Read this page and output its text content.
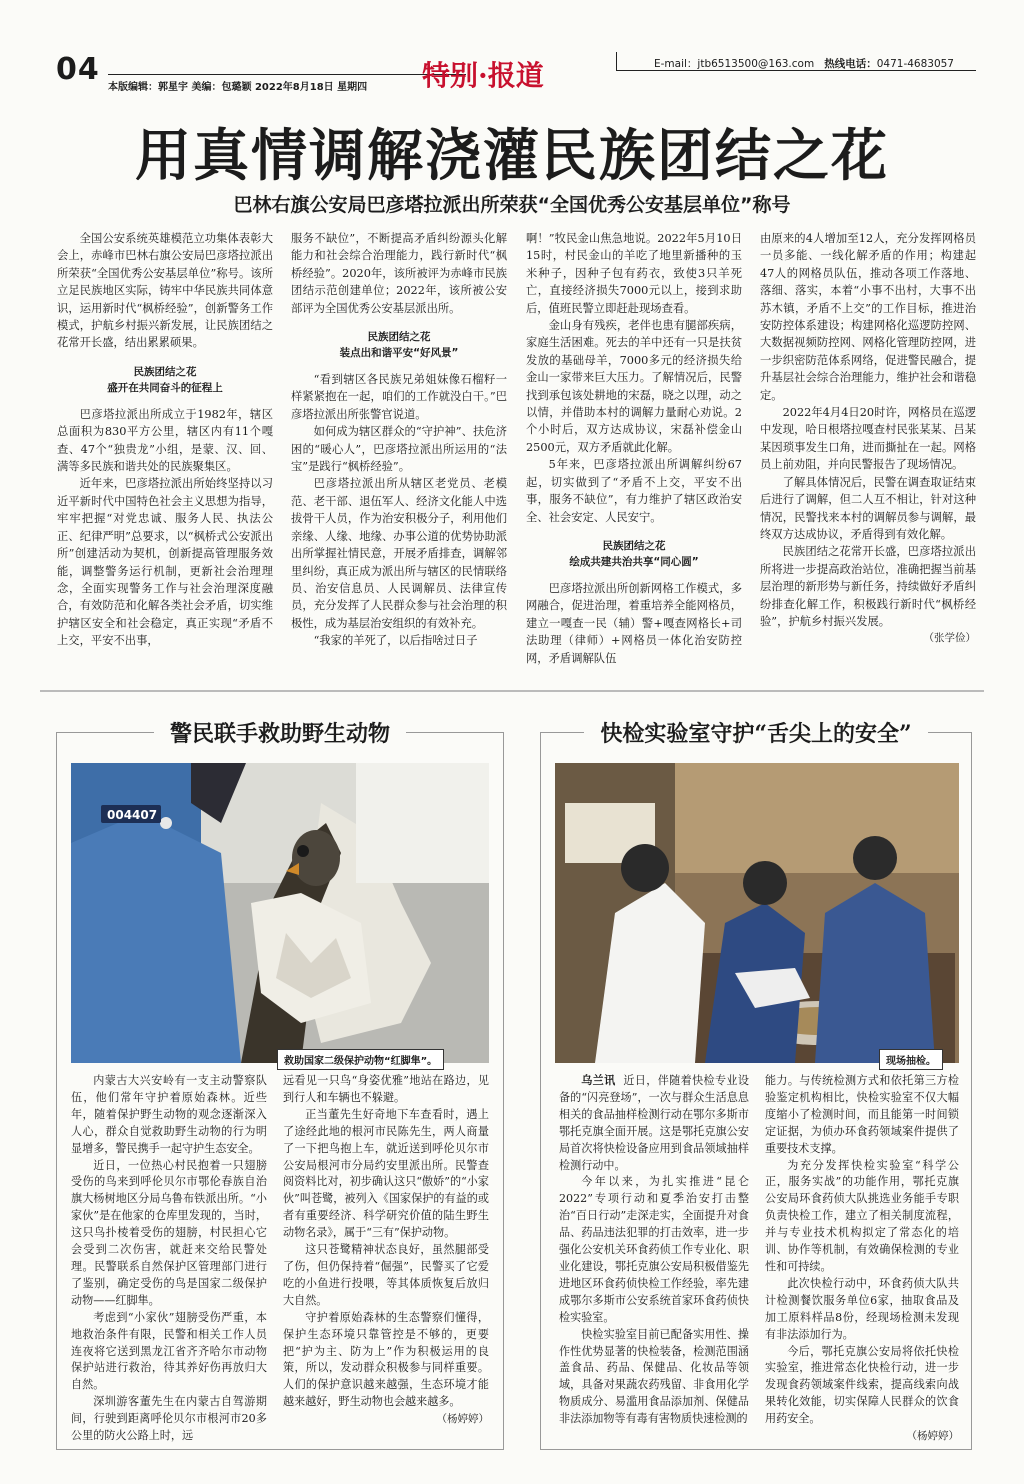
04
本版编辑：郭星宇 美编：包璐颖 2022年8月18日 星期四 特别·报道	E-mail：jtb6513500@163.com 热线电话：0471-4683057
用真情调解浇灌民族团结之花
巴林右旗公安局巴彦塔拉派出所荣获“全国优秀公安基层单位”称号

全国公安系统英雄模范立功集体表彰大会上，赤峰市巴林右旗公安局巴彦塔拉派出所荣获“全国优秀公安基层单位”称号。该所立足民族地区实际，铸牢中华民族共同体意识，运用新时代“枫桥经验”，创新警务工作模式，护航乡村振兴新发展，让民族团结之花常开长盛，结出累累硕果。

民族团结之花
盛开在共同奋斗的征程上

巴彦塔拉派出所成立于1982年，辖区总面积为830平方公里，辖区内有11个嘎查、47个“独贵龙”小组，是蒙、汉、回、满等多民族和谐共处的民族聚集区。

近年来，巴彦塔拉派出所始终坚持以习近平新时代中国特色社会主义思想为指导，牢牢把握“对党忠诚、服务人民、执法公正、纪律严明”总要求，以“枫桥式公安派出所”创建活动为契机，创新提高管理服务效能，调整警务运行机制，更新社会治理理念，全面实现警务工作与社会治理深度融合，有效防范和化解各类社会矛盾，切实维护辖区安全和社会稳定，真正实现“矛盾不上交，平安不出事，

服务不缺位”，不断提高矛盾纠纷源头化解能力和社会综合治理能力，践行新时代“枫桥经验”。2020年，该所被评为赤峰市民族团结示范创建单位；2022年，该所被公安部评为全国优秀公安基层派出所。

民族团结之花
装点出和谐平安“好风景”

“看到辖区各民族兄弟姐妹像石榴籽一样紧紧抱在一起，咱们的工作就没白干。”巴彦塔拉派出所张警官说道。

如何成为辖区群众的“守护神”、扶危济困的“暖心人”，巴彦塔拉派出所运用的“法宝”是践行“枫桥经验”。

巴彦塔拉派出所从辖区老党员、老模范、老干部、退伍军人、经济文化能人中选拔骨干人员，作为治安积极分子，利用他们亲缘、人缘、地缘、办事公道的优势协助派出所掌握社情民意，开展矛盾排查，调解邻里纠纷，真正成为派出所与辖区的民情联络员、治安信息员、人民调解员、法律宣传员，充分发挥了人民群众参与社会治理的积极性，成为基层治安组织的有效补充。

“我家的羊死了，以后指啥过日子

啊！”牧民金山焦急地说。2022年5月10日15时，村民金山的羊吃了地里新播种的玉米种子，因种子包有药衣，致使3只羊死亡，直接经济损失7000元以上，接到求助后，值班民警立即赶赴现场查看。

金山身有残疾，老伴也患有腿部疾病，家庭生活困难。死去的羊中还有一只是扶贫发放的基础母羊，7000多元的经济损失给金山一家带来巨大压力。了解情况后，民警找到承包该处耕地的宋磊，晓之以理，动之以情，并借助本村的调解力量耐心劝说。2个小时后，双方达成协议，宋磊补偿金山2500元，双方矛盾就此化解。

5年来，巴彦塔拉派出所调解纠纷67起，切实做到了“矛盾不上交，平安不出事，服务不缺位”，有力维护了辖区政治安全、社会安定、人民安宁。

民族团结之花
绘成共建共治共享“同心圆”

巴彦塔拉派出所创新网格工作模式，多网融合，促进治理，着重培养全能网格员，建立一嘎查一民（辅）警+嘎查网格长+司法助理（律师）+网格员一体化治安防控网，矛盾调解队伍

由原来的4人增加至12人，充分发挥网格员一员多能、一线化解矛盾的作用；构建起47人的网格员队伍，推动各项工作落地、落细、落实，本着“小事不出村，大事不出苏木镇，矛盾不上交”的工作目标，推进治安防控体系建设；构建网格化巡逻防控网、大数据视频防控网、网格化管理防控网，进一步织密防范体系网络，促进警民融合，提升基层社会综合治理能力，维护社会和谐稳定。

2022年4月4日20时许，网格员在巡逻中发现，哈日根塔拉嘎查村民张某某、吕某某因琐事发生口角，进而撕扯在一起。网格员上前劝阻，并向民警报告了现场情况。

了解具体情况后，民警在调查取证结束后进行了调解，但二人互不相让，针对这种情况，民警找来本村的调解员参与调解，最终双方达成协议，矛盾得到有效化解。

民族团结之花常开长盛，巴彦塔拉派出所将进一步提高政治站位，准确把握当前基层治理的新形势与新任务，持续做好矛盾纠纷排查化解工作，积极践行新时代“枫桥经验”，护航乡村振兴发展。

（张学俭）
警民联手救助野生动物
004407
救助国家二级保护动物“红脚隼”。

内蒙古大兴安岭有一支主动警察队伍，他们常年守护着原始森林。近些年，随着保护野生动物的观念逐渐深入人心，群众自觉救助野生动物的行为明显增多，警民携手一起守护生态安全。

近日，一位热心村民抱着一只翅膀受伤的鸟来到呼伦贝尔市鄂伦春族自治旗大杨树地区分局乌鲁布铁派出所。“小家伙”是在他家的仓库里发现的，当时，这只鸟扑棱着受伤的翅膀，村民担心它会受到二次伤害，就赶来交给民警处理。民警联系自然保护区管理部门进行了鉴别，确定受伤的鸟是国家二级保护动物——红脚隼。

考虑到“小家伙”翅膀受伤严重，本地救治条件有限，民警和相关工作人员连夜将它送到黑龙江省齐齐哈尔市动物保护站进行救治，待其养好伤再放归大自然。

深圳游客董先生在内蒙古自驾游期间，行驶到距离呼伦贝尔市根河市20多公里的防火公路上时，远

远看见一只鸟“身姿优雅”地站在路边，见到行人和车辆也不躲避。

正当董先生好奇地下车查看时，遇上了途经此地的根河市民陈先生，两人商量了一下把鸟抱上车，就近送到呼伦贝尔市公安局根河市分局约安里派出所。民警查阅资料比对，初步确认这只“傲娇”的“小家伙”叫苍鹭，被列入《国家保护的有益的或者有重要经济、科学研究价值的陆生野生动物名录》，属于“三有”保护动物。

这只苍鹭精神状态良好，虽然腿部受了伤，但仍保持着“倔强”，民警买了它爱吃的小鱼进行投喂，等其体质恢复后放归大自然。

守护着原始森林的生态警察们懂得，保护生态环境只靠管控是不够的，更要把“护为主、防为上”作为积极运用的良策，所以，发动群众积极参与同样重要。人们的保护意识越来越强，生态环境才能越来越好，野生动物也会越来越多。

（杨婷婷）
快检实验室守护“舌尖上的安全”
现场抽检。

乌兰讯 近日，伴随着快检专业设备的“闪亮登场”，一次与群众生活息息相关的食品抽样检测行动在鄂尔多斯市鄂托克旗全面开展。这是鄂托克旗公安局首次将快检设备应用到食品领域抽样检测行动中。

今年以来，为扎实推进“昆仑2022”专项行动和夏季治安打击整治“百日行动”走深走实，全面提升对食品、药品违法犯罪的打击效率，进一步强化公安机关环食药侦工作专业化、职业化建设，鄂托克旗公安局积极借鉴先进地区环食药侦快检工作经验，率先建成鄂尔多斯市公安系统首家环食药侦快检实验室。

快检实验室目前已配备实用性、操作性优势显著的快检装备，检测范围涵盖食品、药品、保健品、化妆品等领域，具备对果蔬农药残留、非食用化学物质成分、易滥用食品添加剂、保健品非法添加物等有毒有害物质快速检测的

能力。与传统检测方式和依托第三方检验鉴定机构相比，快检实验室不仅大幅度缩小了检测时间，而且能第一时间锁定证据，为侦办环食药领域案件提供了重要技术支撑。

为充分发挥快检实验室“科学公正，服务实战”的功能作用，鄂托克旗公安局环食药侦大队挑选业务能手专职负责快检工作，建立了相关制度流程，并与专业技术机构拟定了常态化的培训、协作等机制，有效确保检测的专业性和可持续。

此次快检行动中，环食药侦大队共计检测餐饮服务单位6家，抽取食品及加工原料样品8份，经现场检测未发现有非法添加行为。

今后，鄂托克旗公安局将依托快检实验室，推进常态化快检行动，进一步发现食药领域案件线索，提高线索向战果转化效能，切实保障人民群众的饮食用药安全。

（杨婷婷）
